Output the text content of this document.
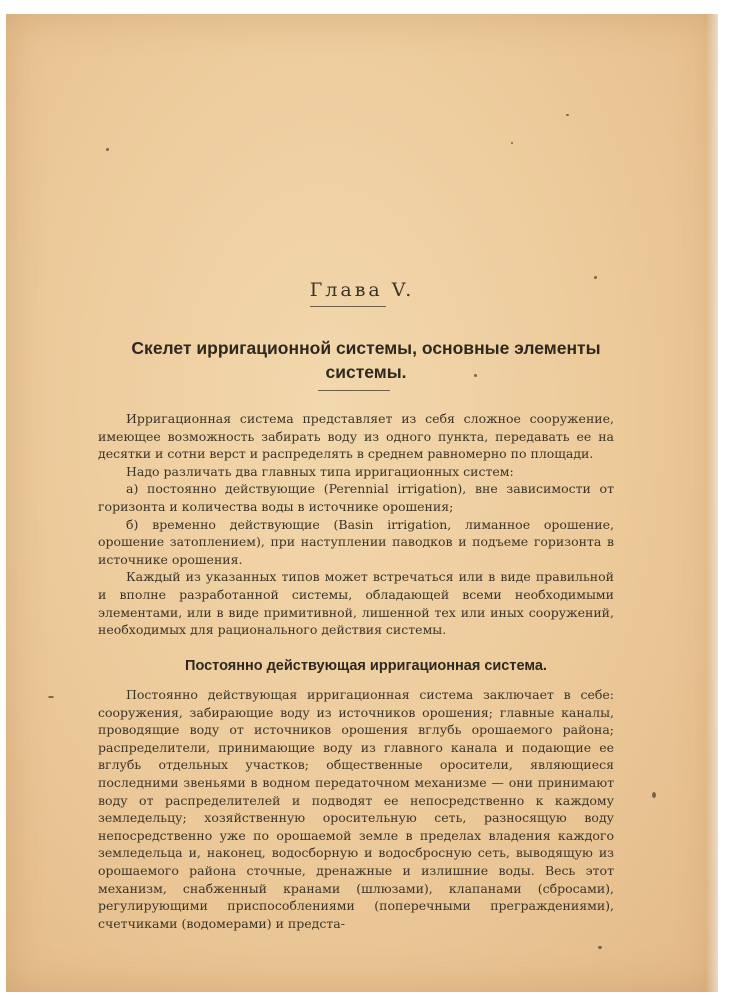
Глава V.
Скелет ирригационной системы, основные элементы
системы.

Ирригационная система представляет из себя сложное сооружение, имеющее возможность забирать воду из одного пункта, передавать ее на десятки и сотни верст и распределять в среднем равномерно по площади.

Надо различать два главных типа ирригационных систем:

а) постоянно действующие (Perennial irrigation), вне зависимости от горизонта и количества воды в источнике орошения;

б) временно действующие (Basin irrigation, лиманное орошение, орошение затоплением), при наступлении паводков и подъеме горизонта в источнике орошения.

Каждый из указанных типов может встречаться или в виде правильной и вполне разработанной системы, обладающей всеми необходимыми элементами, или в виде примитивной, лишенной тех или иных сооружений, необходимых для рационального действия системы.

Постоянно действующая ирригационная система.

Постоянно действующая ирригационная система заключает в себе: сооружения, забирающие воду из источников орошения; главные каналы, проводящие воду от источников орошения вглубь орошаемого района; распределители, принимающие воду из главного канала и подающие ее вглубь отдельных участков; общественные оросители, являющиеся последними звеньями в водном передаточном механизме — они принимают воду от распределителей и подводят ее непосредственно к каждому земледельцу; хозяйственную оросительную сеть, разносящую воду непосредственно уже по орошаемой земле в пределах владения каждого земледельца и, наконец, водосборную и водосбросную сеть, выводящую из орошаемого района сточные, дренажные и излишние воды. Весь этот механизм, снабженный кранами (шлюзами), клапанами (сбросами), регулирующими приспособлениями (поперечными преграждениями), счетчиками (водомерами) и предста-
